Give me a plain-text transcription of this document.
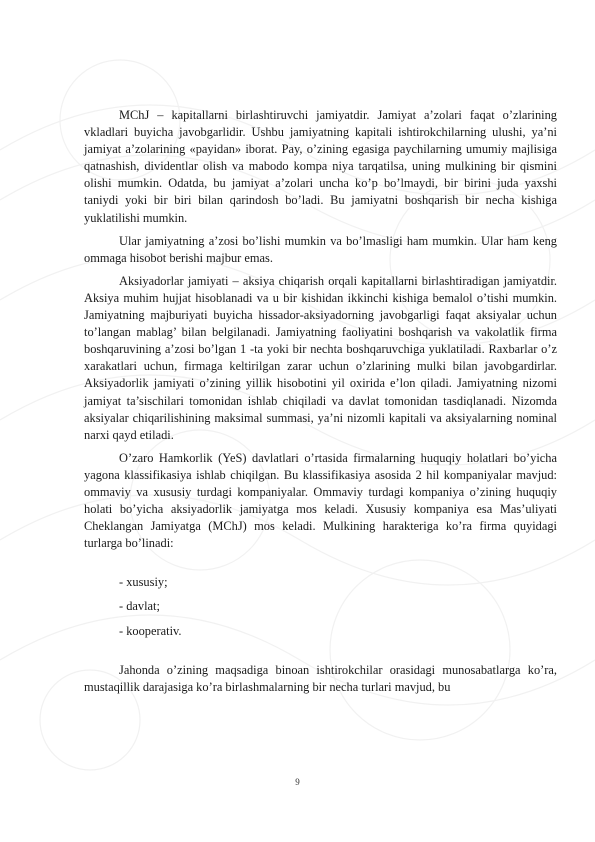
MChJ – kapitallarni birlashtiruvchi jamiyatdir. Jamiyat a’zolari faqat o’zlarining vkladlari buyicha javobgarlidir. Ushbu jamiyatning kapitali ishtirokchilarning ulushi, ya’ni jamiyat a’zolarining «payidan» iborat. Pay, o’zining egasiga paychilarning umumiy majlisiga qatnashish, dividentlar olish va mabodo kompa niya tarqatilsa, uning mulkining bir qismini olishi mumkin. Odatda, bu jamiyat a’zolari uncha ko’p bo’lmaydi, bir birini juda yaxshi taniydi yoki bir biri bilan qarindosh bo’ladi. Bu jamiyatni boshqarish bir necha kishiga yuklatilishi mumkin.

Ular jamiyatning a’zosi bo’lishi mumkin va bo’lmasligi ham mumkin. Ular ham keng ommaga hisobot berishi majbur emas.

Aksiyadorlar jamiyati – aksiya chiqarish orqali kapitallarni birlashtiradigan jamiyatdir. Aksiya muhim hujjat hisoblanadi va u bir kishidan ikkinchi kishiga bemalol o’tishi mumkin. Jamiyatning majburiyati buyicha hissador-aksiyadorning javobgarligi faqat aksiyalar uchun to’langan mablag’ bilan belgilanadi. Jamiyatning faoliyatini boshqarish va vakolatlik firma boshqaruvining a’zosi bo’lgan 1 -ta yoki bir nechta boshqaruvchiga yuklatiladi. Raxbarlar o’z xarakatlari uchun, firmaga keltirilgan zarar uchun o’zlarining mulki bilan javobgardirlar. Aksiyadorlik jamiyati o’zining yillik hisobotini yil oxirida e’lon qiladi. Jamiyatning nizomi jamiyat ta’sischilari tomonidan ishlab chiqiladi va davlat tomonidan tasdiqlanadi. Nizomda aksiyalar chiqarilishining maksimal summasi, ya’ni nizomli kapitali va aksiyalarning nominal narxi qayd etiladi.

O’zaro Hamkorlik (YeS) davlatlari o’rtasida firmalarning huquqiy holatlari bo’yicha yagona klassifikasiya ishlab chiqilgan. Bu klassifikasiya asosida 2 hil kompaniyalar mavjud: ommaviy va xususiy turdagi kompaniyalar. Ommaviy turdagi kompaniya o’zining huquqiy holati bo’yicha aksiyadorlik jamiyatga mos keladi. Xususiy kompaniya esa Mas’uliyati Cheklangan Jamiyatga (MChJ) mos keladi. Mulkining harakteriga ko’ra firma quyidagi turlarga bo’linadi:

- xususiy;
- davlat;
- kooperativ.

Jahonda o’zining maqsadiga binoan ishtirokchilar orasidagi munosabatlarga ko’ra, mustaqillik darajasiga ko’ra birlashmalarning bir necha turlari mavjud, bu

9
